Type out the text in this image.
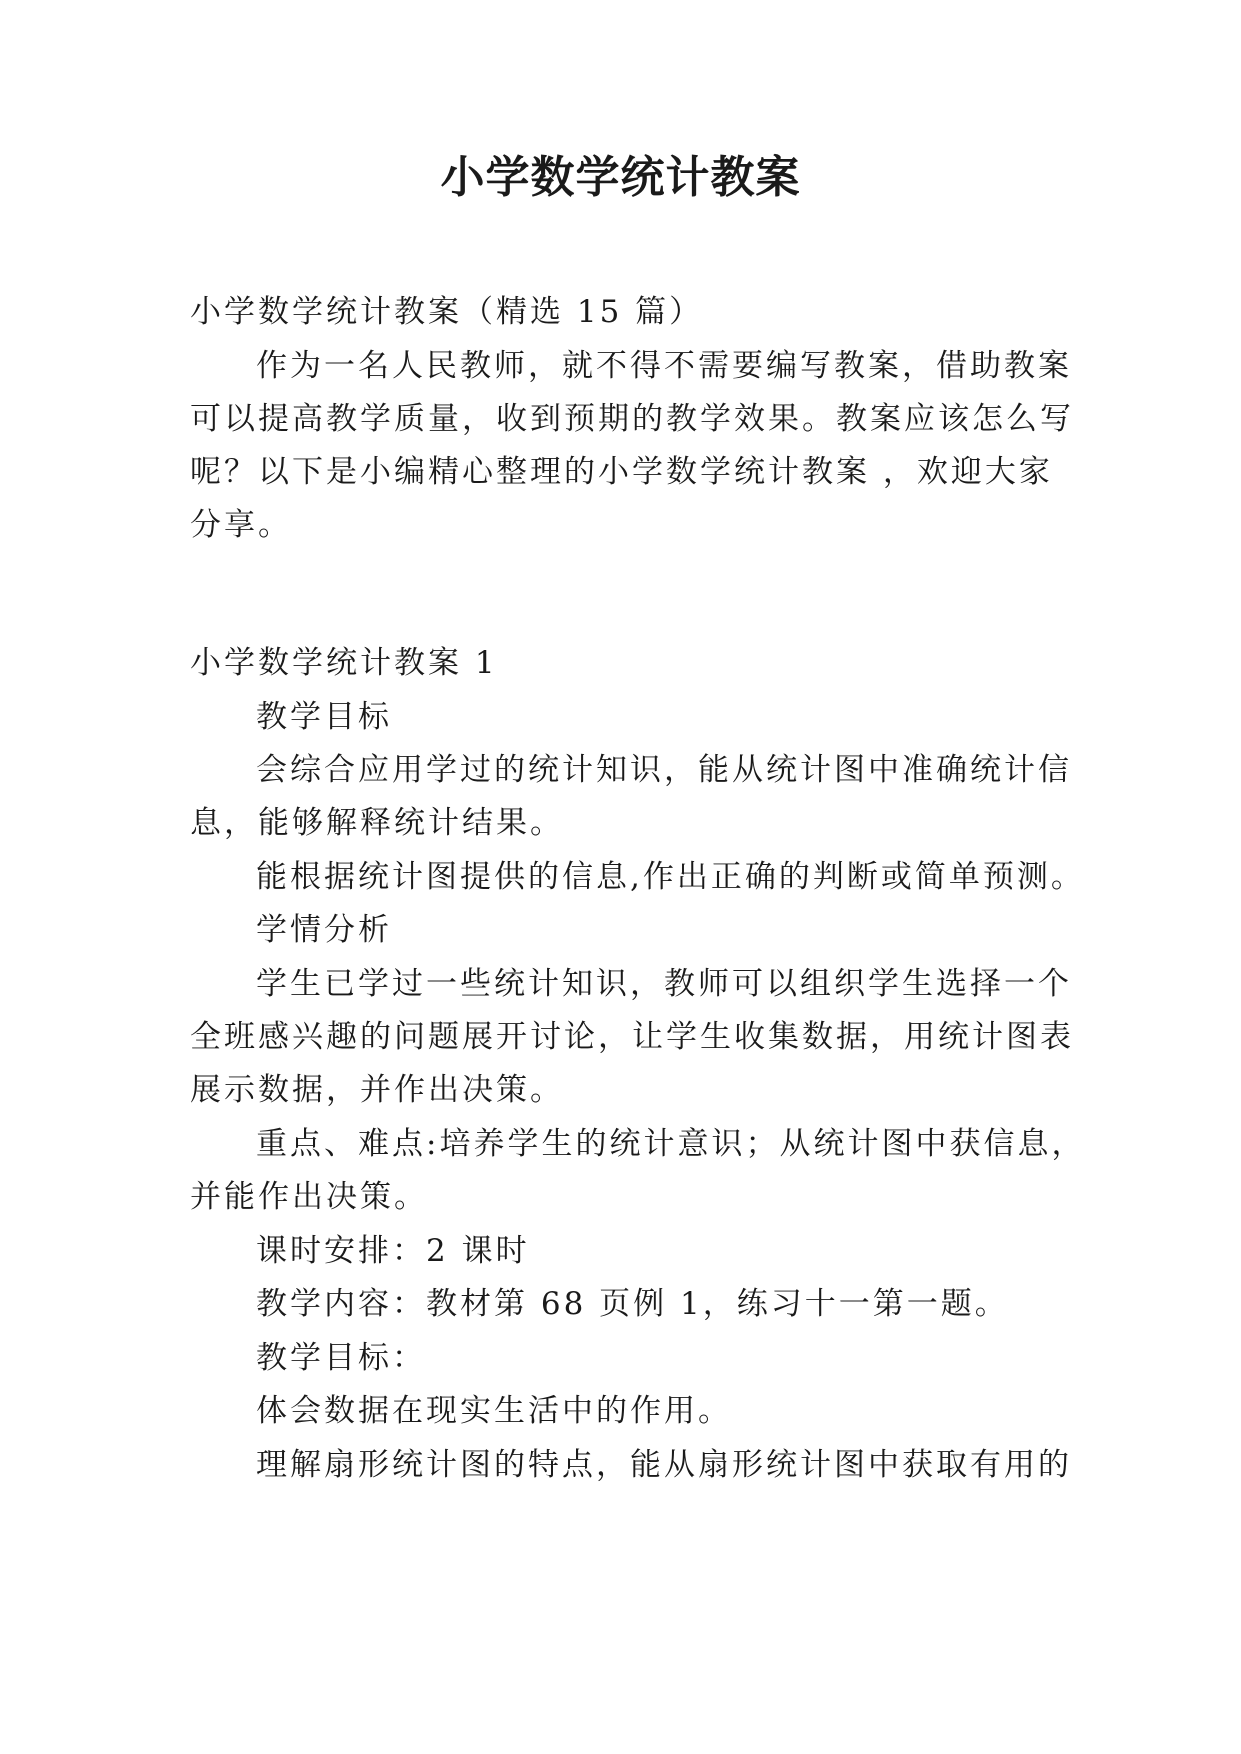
小学数学统计教案
小学数学统计教案（精选 15 篇）
作为一名人民教师，就不得不需要编写教案，借助教案
可以提高教学质量，收到预期的教学效果。教案应该怎么写
呢？以下是小编精心整理的小学数学统计教案 ，欢迎大家
分享。
小学数学统计教案 1
教学目标
会综合应用学过的统计知识，能从统计图中准确统计信
息，能够解释统计结果。
能根据统计图提供的信息,作出正确的判断或简单预测。
学情分析
学生已学过一些统计知识，教师可以组织学生选择一个
全班感兴趣的问题展开讨论，让学生收集数据，用统计图表
展示数据，并作出决策。
重点、难点:培养学生的统计意识；从统计图中获信息，
并能作出决策。
课时安排：2 课时
教学内容：教材第 68 页例 1，练习十一第一题。
教学目标：
体会数据在现实生活中的作用。
理解扇形统计图的特点，能从扇形统计图中获取有用的
